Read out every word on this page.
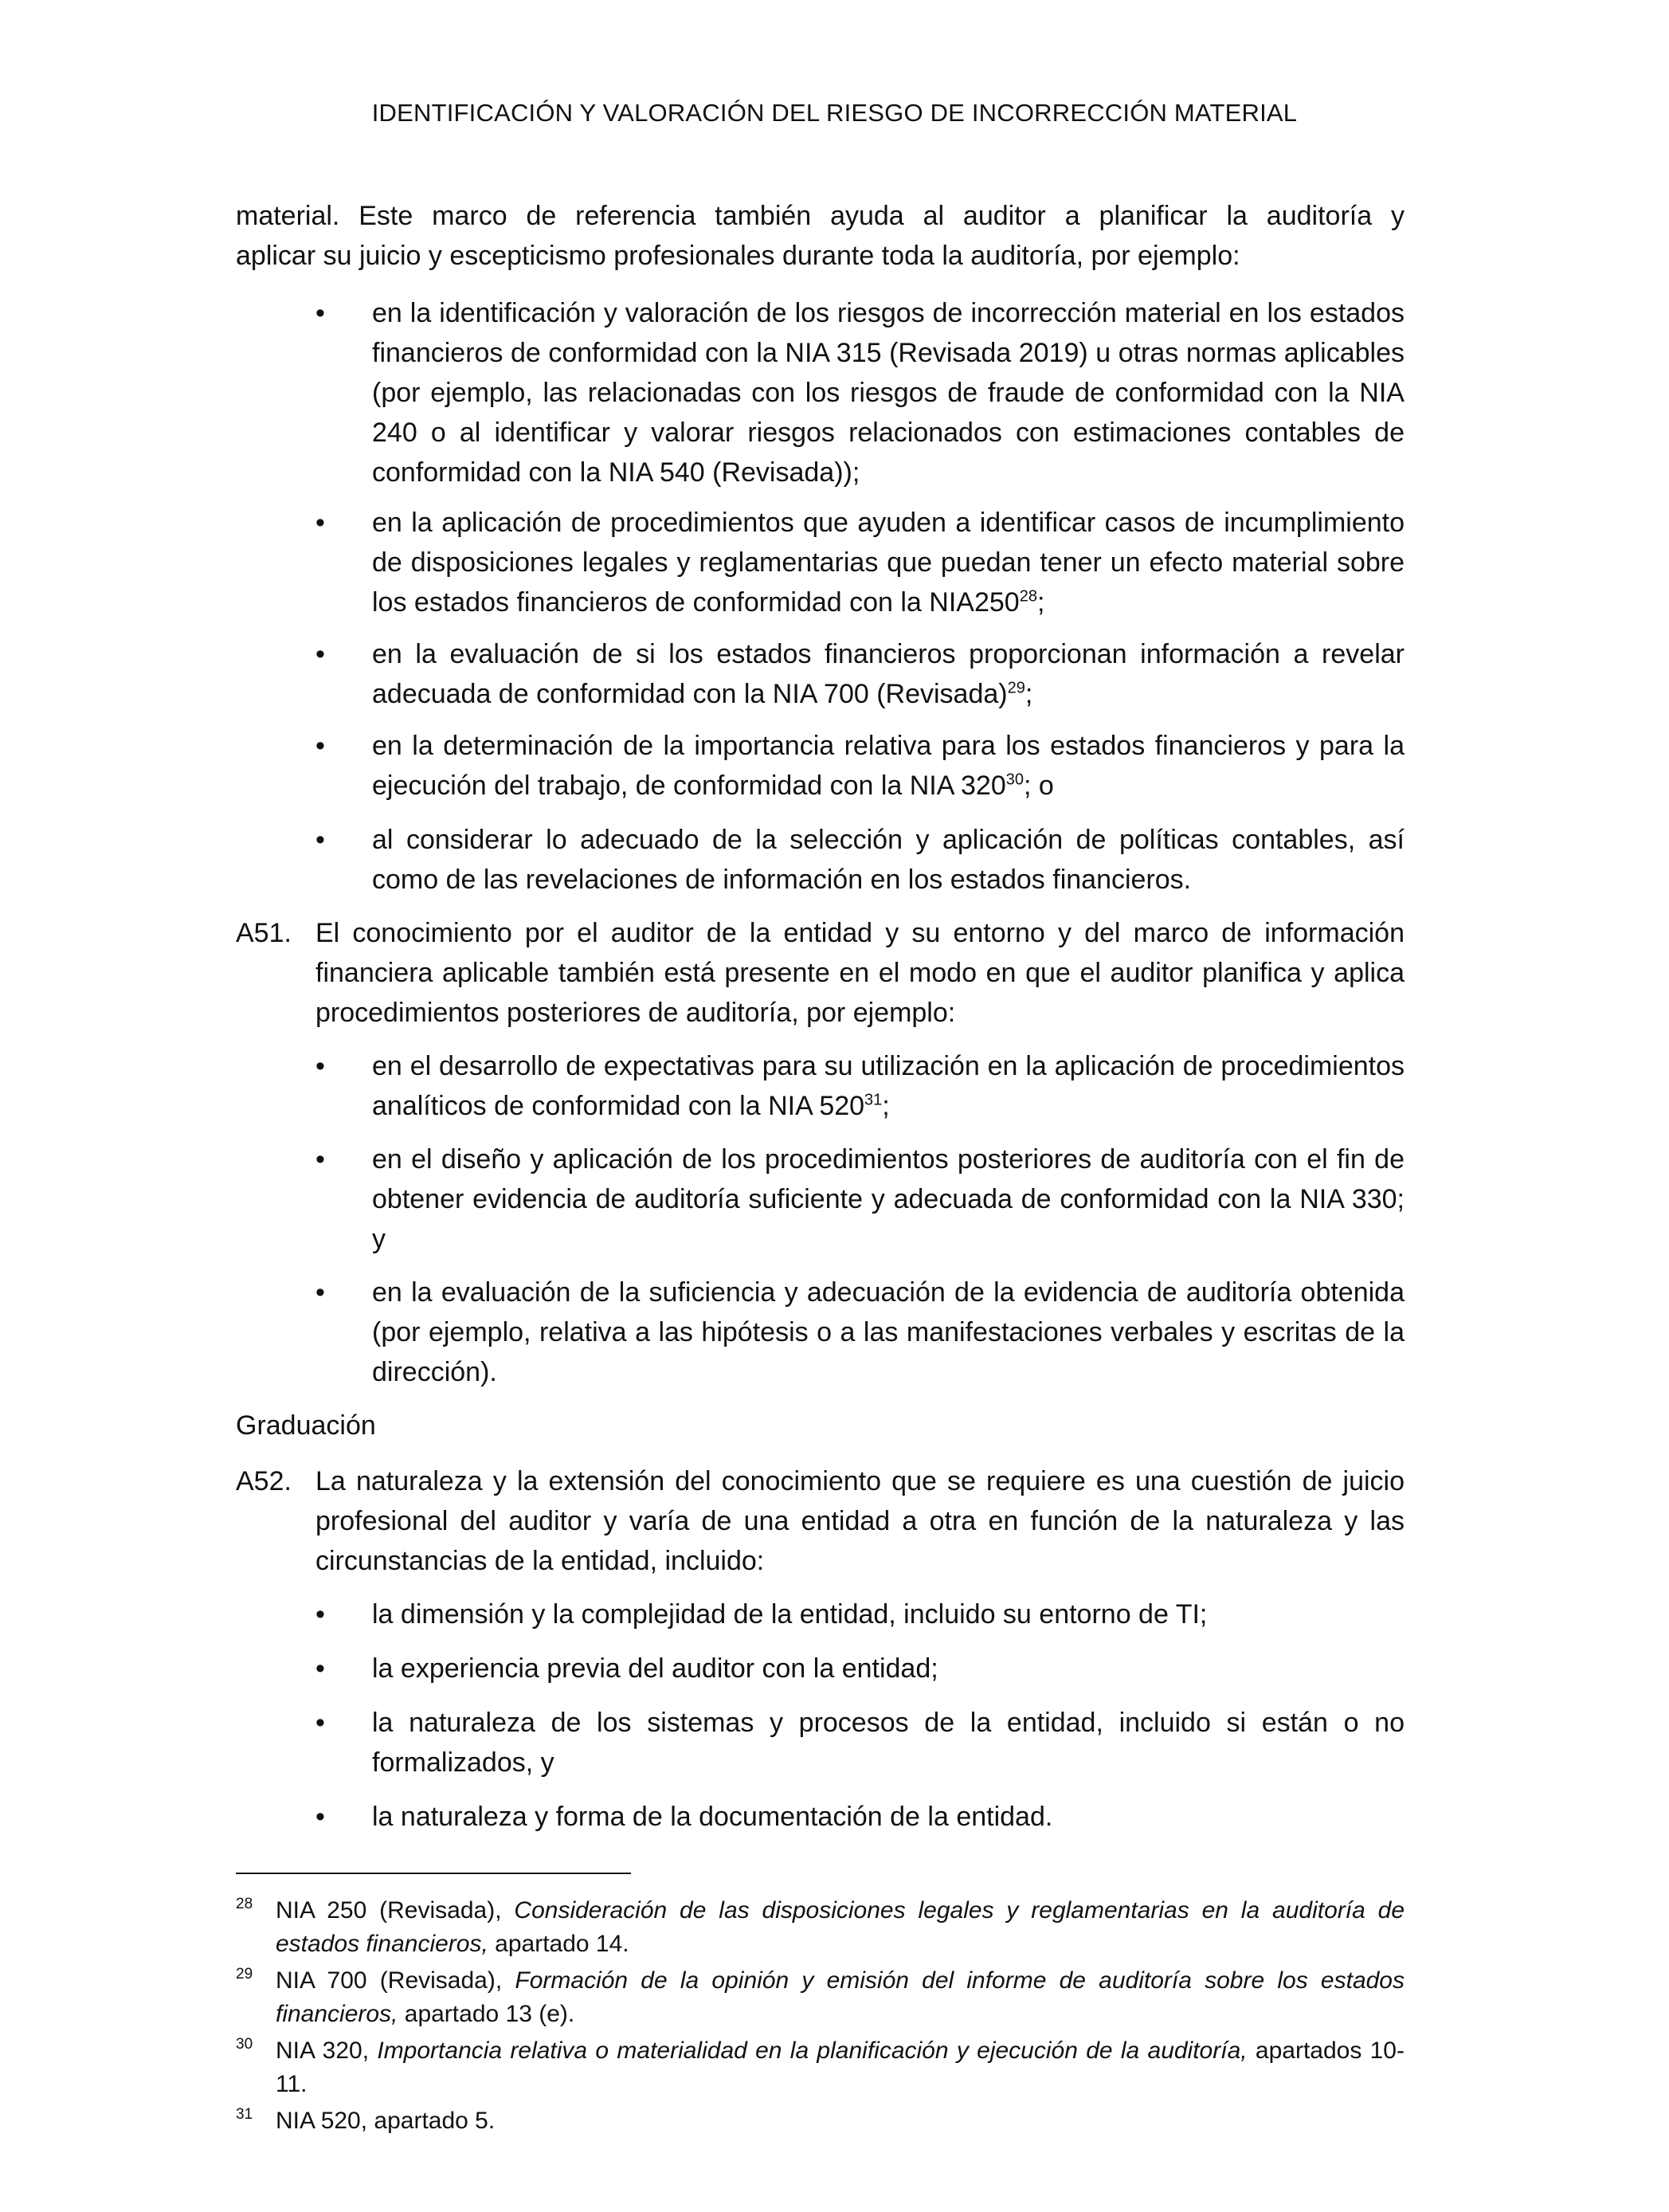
IDENTIFICACIÓN Y VALORACIÓN DEL RIESGO DE INCORRECCIÓN MATERIAL
material. Este marco de referencia también ayuda al auditor a planificar la auditoría y
aplicar su juicio y escepticismo profesionales durante toda la auditoría, por ejemplo:
•	en la identificación y valoración de los riesgos de incorrección material en los estados financieros de conformidad con la NIA 315 (Revisada 2019) u otras normas aplicables (por ejemplo, las relacionadas con los riesgos de fraude de conformidad con la NIA 240 o al identificar y valorar riesgos relacionados con estimaciones contables de conformidad con la NIA 540 (Revisada));
•	en la aplicación de procedimientos que ayuden a identificar casos de incumplimiento de disposiciones legales y reglamentarias que puedan tener un efecto material sobre los estados financieros de conformidad con la $NIA250^{28}$;
•	en la evaluación de si los estados financieros proporcionan información a revelar adecuada de conformidad con la NIA 700 (Revisada)$^{29}$;
•	en la determinación de la importancia relativa para los estados financieros y para la ejecución del trabajo, de conformidad con la NIA $320^{30}$; o
•	al considerar lo adecuado de la selección y aplicación de políticas contables, así como de las revelaciones de información en los estados financieros.
A51. El conocimiento por el auditor de la entidad y su entorno y del marco de información financiera aplicable también está presente en el modo en que el auditor planifica y aplica procedimientos posteriores de auditoría, por ejemplo:
•	en el desarrollo de expectativas para su utilización en la aplicación de procedimientos analíticos de conformidad con la NIA $520^{31}$;
•	en el diseño y aplicación de los procedimientos posteriores de auditoría con el fin de obtener evidencia de auditoría suficiente y adecuada de conformidad con la NIA 330; y
•	en la evaluación de la suficiencia y adecuación de la evidencia de auditoría obtenida (por ejemplo, relativa a las hipótesis o a las manifestaciones verbales y escritas de la dirección).
Graduación
A52. La naturaleza y la extensión del conocimiento que se requiere es una cuestión de juicio profesional del auditor y varía de una entidad a otra en función de la naturaleza y las circunstancias de la entidad, incluido:
•	la dimensión y la complejidad de la entidad, incluido su entorno de TI;
•	la experiencia previa del auditor con la entidad;
•	la naturaleza de los sistemas y procesos de la entidad, incluido si están o no formalizados, y
•	la naturaleza y forma de la documentación de la entidad.
28 NIA 250 (Revisada), Consideración de las disposiciones legales y reglamentarias en la auditoría de estados financieros, apartado 14.
29 NIA 700 (Revisada), Formación de la opinión y emisión del informe de auditoría sobre los estados financieros, apartado 13 (e).
30 NIA 320, Importancia relativa o materialidad en la planificación y ejecución de la auditoría, apartados 10-11.
31 NIA 520, apartado 5.
